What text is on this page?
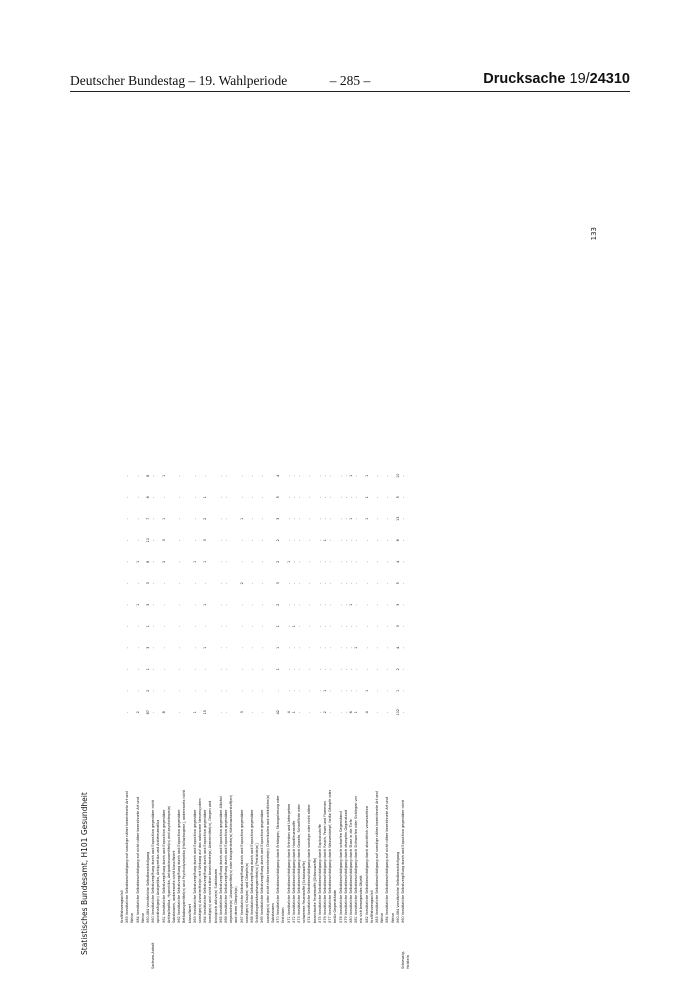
Deutscher Bundestag – 19. Wahlperiode	– 285 –	Drucksache 19/24310
Statistisches Bundesamt, H101 Gesundheit
		Kraftfahrzeugunfall												
	X83 Vorsätzliche Selbstbeschädigung auf sonstige näher bezeichnete Art und	-	-	-	-	-	-	-	-	-	-	-	-
	Weise												
	X84 Vorsätzliche Selbstbeschädigung auf nicht näher bezeichnete Art und	2	-	-	-	-	1	-	1	-	-	-	-
	Weise												
	X60-X84 Vorsätzliche Selbstbeschädigung	87	2	1	3	1	3	3	8	10	7	6	8
Sachsen-Anhalt	X60 Vorsätzliche Selbstvergiftung durch und Exposition gegenüber nicht	-	-	-	-	-	-	-	-	-	-	-	-
	opioidhaltige(n) Analgetika, Antipyretika und Antirheumatika												
	X61 Vorsätzliche Selbstvergiftung durch und Exposition gegenüber	8	-	-	-	-	-	-	2	3	1	-	1
	Antiepileptika, Hypnotika, Antiparkinsonmittel(n) und psychotrope(n)												
	Substanzen, anderenorts nicht klassifiziert												
	X62 Vorsätzliche Selbstvergiftung durch und Exposition gegenüber	-	-	-	-	-	-	-	-	-	-	-	-
	Betäubungsmittel(n) und Psychodysleptika [Halluzinogene], anderenorts nicht												
	klassifiziert												
	X63 Vorsätzliche Selbstvergiftung durch und Exposition gegenüber	1	-	-	-	-	-	-	1	-	-	-	-
	sonstige(n) Arzneimittel(n) mit Wirkung auf das autonome Nervensystem												
	X64 Vorsätzliche Selbstvergiftung durch und Exposition gegenüber	15	-	-	1	-	1	-	1	3	2	1	-
	sonstige(n) und nicht näher bezeichnete(n) Arzneimittel(n), Drogen und												
	biologisch aktive(n) Substanzen												
	X65 Vorsätzliche Selbstvergiftung durch und Exposition gegenüber Alkohol	-	-	-	-	-	-	-	-	-	-	-	-
	X66 Vorsätzliche Selbstvergiftung durch und Exposition gegenüber	-	-	-	-	-	-	-	-	-	-	-	-
	organische(n) Lösungsmittel(n) oder halogenierte(n) Kohlenwasserstoff(en)												
	und deren Dämpfe(n)												
	X67 Vorsätzliche Selbstvergiftung durch und Exposition gegenüber	3	-	-	-	-	-	2	-	-	1	-	-
	sonstige(n) Gas(en) und Dämpfe(n)												
	X68 Vorsätzliche Selbstvergiftung durch und Exposition gegenüber	-	-	-	-	-	-	-	-	-	-	-	-
	Schädlingsbekämpfungsmittel(n) [Pestizide(n)]												
	X69 Vorsätzliche Selbstvergiftung durch und Exposition gegenüber	-	-	-	-	-	-	-	-	-	-	-	-
	sonstige(n) oder nicht näher bezeichnete(n) Chemikalien und schädliche(n)												
	Substanzen												
	X70 Vorsätzliche Selbstbeschädigung durch Erhängen, Strangulierung oder	42	-	1	1	1	2	3	2	2	3	5	4
	Ersticken												
	X71 Vorsätzliche Selbstbeschädigung durch Ertrinken und Untergehen	4	-	-	-	-	-	-	1	-	-	-	-
	X72 Vorsätzliche Selbstbeschädigung durch Handfeuerwaffe	1	-	-	-	1	-	-	-	-	-	-	-
	X73 Vorsätzliche Selbstbeschädigung durch Gewehr, Schrotflinte oder	-	-	-	-	-	-	-	-	-	-	-	-
	schwerere Feuerwaffe [Schusswaffe]												
	X74 Vorsätzliche Selbstbeschädigung durch sonstige oder nicht näher	-	-	-	-	-	-	-	-	-	-	-	-
	bezeichnete Feuerwaffe [Schusswaffe]												
	X75 Vorsätzliche Selbstbeschädigung durch Explosivstoffe	-	-	-	-	-	-	-	-	-	-	-	-
	X76 Vorsätzliche Selbstbeschädigung durch Rauch, Feuer und Flammen	2	1	-	-	-	-	-	-	1	-	-	-
	X77 Vorsätzliche Selbstbeschädigung durch Wasserdampf, heiße Dämpfe oder	-	-	-	-	-	-	-	-	-	-	-	-
	heiße Gegenstände												
	X78 Vorsätzliche Selbstbeschädigung durch scharfen Gegenstand	-	-	-	-	-	-	-	-	-	-	-	-
	X79 Vorsätzliche Selbstbeschädigung durch stumpfen Gegenstand	-	-	-	-	-	-	-	-	-	-	-	-
	X80 Vorsätzliche Selbstbeschädigung durch Sturz in die Tiefe	6	-	-	-	-	1	-	-	-	1	-	1
	X81 Vorsätzliche Selbstbeschädigung durch Sichwerfen oder Sichlegen vor	1	-	-	1	-	-	-	-	-	-	-	-
	ein sich bewegendes Objekt												
	X82 Vorsätzliche Selbstbeschädigung durch absichtlich verursachten	4	1	-	-	-	-	-	-	-	1	1	1
	Kraftfahrzeugunfall												
	X83 Vorsätzliche Selbstbeschädigung auf sonstige näher bezeichnete Art und	-	-	-	-	-	-	-	-	-	-	-	-
	Weise												
	X84 Vorsätzliche Selbstbeschädigung auf nicht näher bezeichnete Art und	-	-	-	-	-	-	-	-	-	-	-	-
	Weise												
	X60-X84 Vorsätzliche Selbstbeschädigung	102	1	2	4	3	3	5	4	8	13	5	10
Schleswig-	X60 Vorsätzliche Selbstvergiftung durch und Exposition gegenüber nicht	-	-	-	-	-	-	-	-	-	-	-	-
Holstein													
133
